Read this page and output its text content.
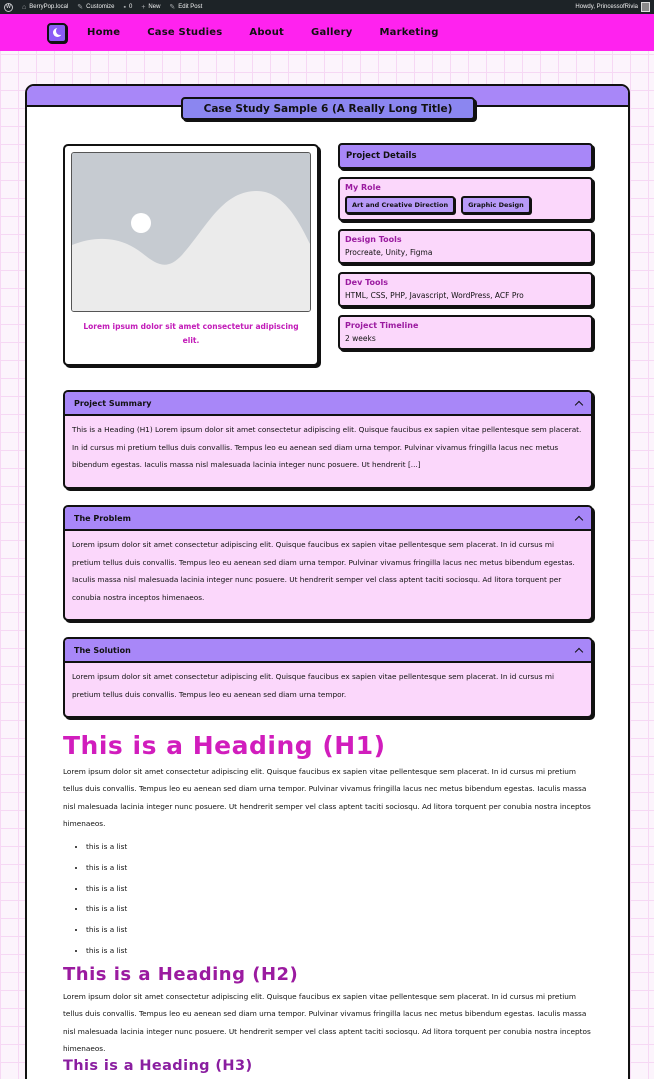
W	⌂ BerryPop.local ✎ Customize ▪ 0 + New ✎ Edit Post	Howdy, PrincessofRivia
Home	Case Studies	About	Gallery	Marketing
Case Study Sample 6 (A Really Long Title)
Lorem ipsum dolor sit amet consectetur adipiscing elit.
Project Details
My Role
Art and Creative Direction	Graphic Design
Design Tools
Procreate, Unity, Figma
Dev Tools
HTML, CSS, PHP, Javascript, WordPress, ACF Pro
Project Timeline
2 weeks
Project Summary
This is a Heading (H1) Lorem ipsum dolor sit amet consectetur adipiscing elit. Quisque faucibus ex sapien vitae pellentesque sem placerat. In id cursus mi pretium tellus duis convallis. Tempus leo eu aenean sed diam urna tempor. Pulvinar vivamus fringilla lacus nec metus bibendum egestas. Iaculis massa nisl malesuada lacinia integer nunc posuere. Ut hendrerit [...]
The Problem
Lorem ipsum dolor sit amet consectetur adipiscing elit. Quisque faucibus ex sapien vitae pellentesque sem placerat. In id cursus mi pretium tellus duis convallis. Tempus leo eu aenean sed diam urna tempor. Pulvinar vivamus fringilla lacus nec metus bibendum egestas. Iaculis massa nisl malesuada lacinia integer nunc posuere. Ut hendrerit semper vel class aptent taciti sociosqu. Ad litora torquent per conubia nostra inceptos himenaeos.
The Solution
Lorem ipsum dolor sit amet consectetur adipiscing elit. Quisque faucibus ex sapien vitae pellentesque sem placerat. In id cursus mi pretium tellus duis convallis. Tempus leo eu aenean sed diam urna tempor.
This is a Heading (H1)

Lorem ipsum dolor sit amet consectetur adipiscing elit. Quisque faucibus ex sapien vitae pellentesque sem placerat. In id cursus mi pretium tellus duis convallis. Tempus leo eu aenean sed diam urna tempor. Pulvinar vivamus fringilla lacus nec metus bibendum egestas. Iaculis massa nisl malesuada lacinia integer nunc posuere. Ut hendrerit semper vel class aptent taciti sociosqu. Ad litora torquent per conubia nostra inceptos himenaeos.

• this is a list
• this is a list
• this is a list
• this is a list
• this is a list
• this is a list
This is a Heading (H2)

Lorem ipsum dolor sit amet consectetur adipiscing elit. Quisque faucibus ex sapien vitae pellentesque sem placerat. In id cursus mi pretium tellus duis convallis. Tempus leo eu aenean sed diam urna tempor. Pulvinar vivamus fringilla lacus nec metus bibendum egestas. Iaculis massa nisl malesuada lacinia integer nunc posuere. Ut hendrerit semper vel class aptent taciti sociosqu. Ad litora torquent per conubia nostra inceptos himenaeos.

This is a Heading (H3)
